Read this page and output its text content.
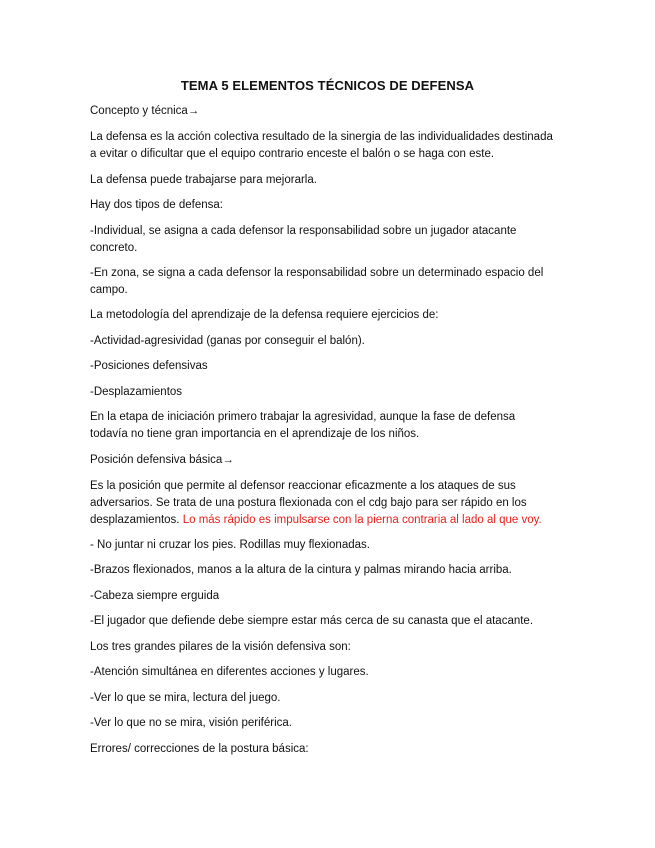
TEMA 5 ELEMENTOS TÉCNICOS DE DEFENSA
Concepto y técnica→
La defensa es la acción colectiva resultado de la sinergia de las individualidades destinada
a evitar o dificultar que el equipo contrario enceste el balón o se haga con este.
La defensa puede trabajarse para mejorarla.
Hay dos tipos de defensa:
-Individual, se asigna a cada defensor la responsabilidad sobre un jugador atacante
concreto.
-En zona, se signa a cada defensor la responsabilidad sobre un determinado espacio del
campo.
La metodología del aprendizaje de la defensa requiere ejercicios de:
-Actividad-agresividad (ganas por conseguir el balón).
-Posiciones defensivas
-Desplazamientos
En la etapa de iniciación primero trabajar la agresividad, aunque la fase de defensa
todavía no tiene gran importancia en el aprendizaje de los niños.
Posición defensiva básica→
Es la posición que permite al defensor reaccionar eficazmente a los ataques de sus
adversarios. Se trata de una postura flexionada con el cdg bajo para ser rápido en los
desplazamientos. Lo más rápido es impulsarse con la pierna contraria al lado al que voy.
- No juntar ni cruzar los pies. Rodillas muy flexionadas.
-Brazos flexionados, manos a la altura de la cintura y palmas mirando hacia arriba.
-Cabeza siempre erguida
-El jugador que defiende debe siempre estar más cerca de su canasta que el atacante.
Los tres grandes pilares de la visión defensiva son:
-Atención simultánea en diferentes acciones y lugares.
-Ver lo que se mira, lectura del juego.
-Ver lo que no se mira, visión periférica.
Errores/ correcciones de la postura básica:
